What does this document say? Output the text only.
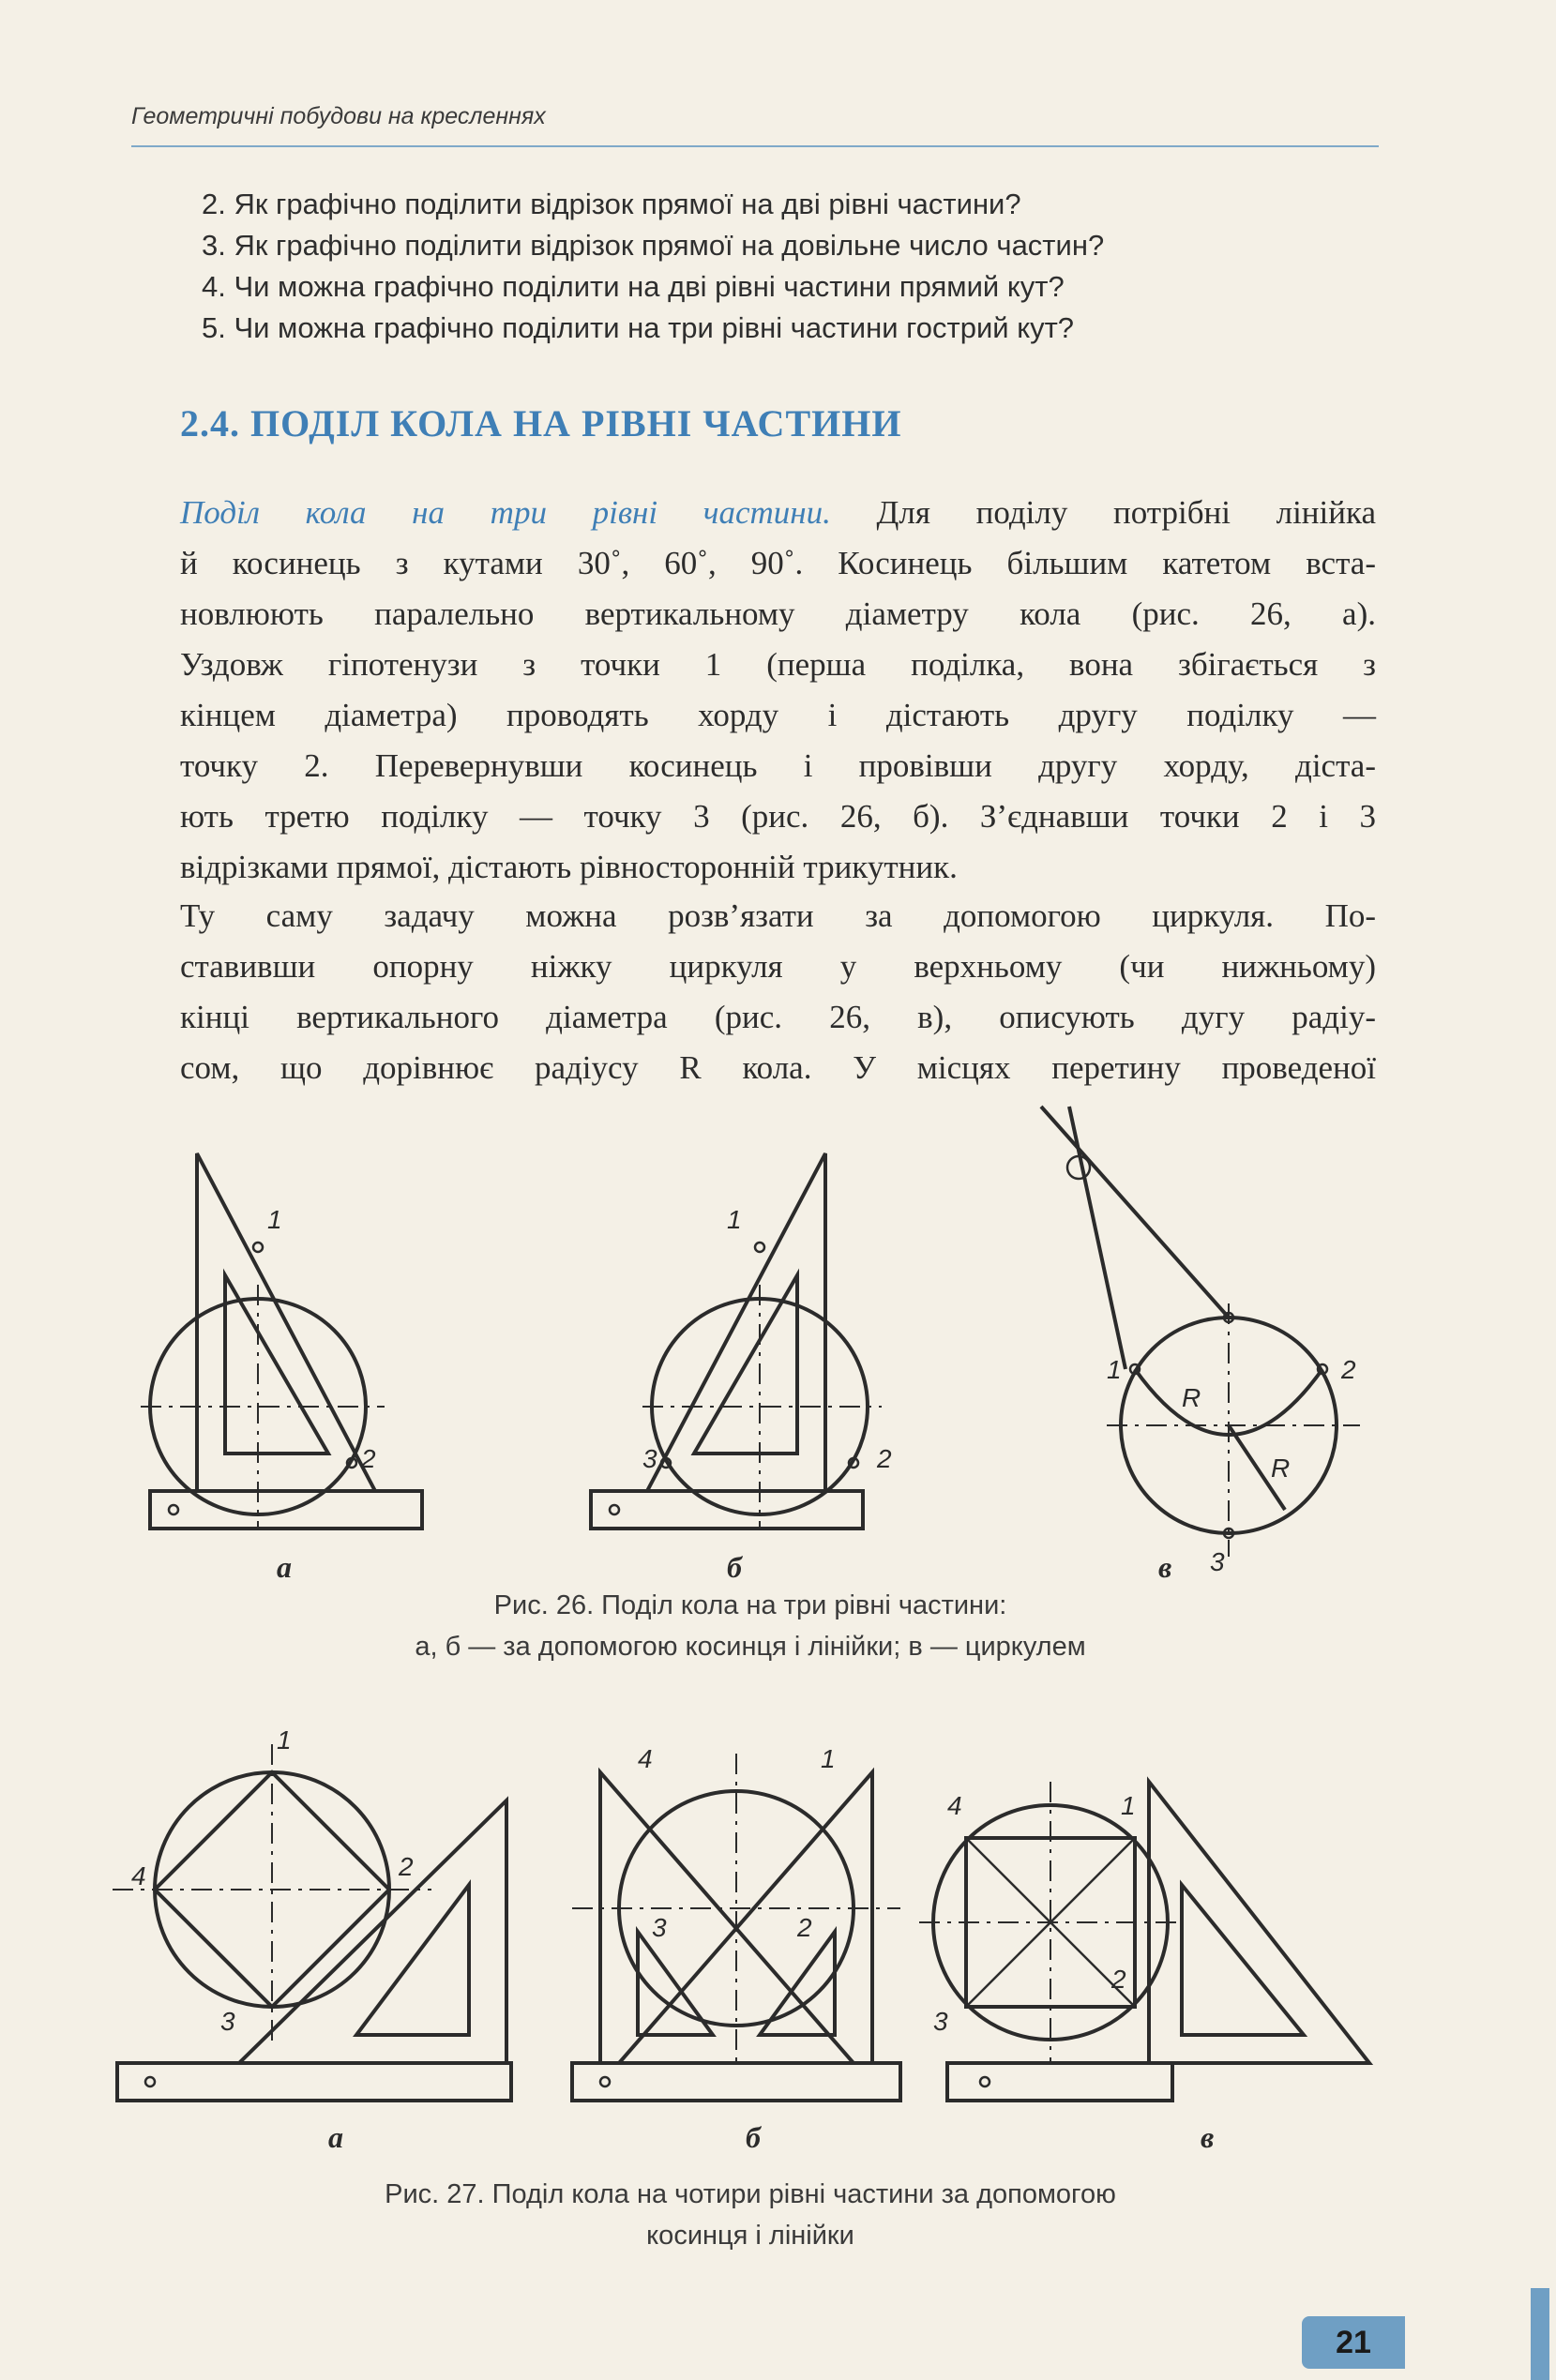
Геометричні побудови на кресленнях
2. Як графічно поділити відрізок прямої на дві рівні частини?
3. Як графічно поділити відрізок прямої на довільне число частин?
4. Чи можна графічно поділити на дві рівні частини прямий кут?
5. Чи можна графічно поділити на три рівні частини гострий кут?
2.4. ПОДІЛ КОЛА НА РІВНІ ЧАСТИНИ
Поділ кола на три рівні частини. Для поділу потрібні лінійка
й косинець з кутами 30˚, 60˚, 90˚. Косинець більшим катетом вста-
новлюють паралельно вертикальному діаметру кола (рис. 26, а).
Уздовж гіпотенузи з точки 1 (перша поділка, вона збігається з
кінцем діаметра) проводять хорду і дістають другу поділку —
точку 2. Перевернувши косинець і провівши другу хорду, діста-
ють третю поділку — точку 3 (рис. 26, б). З’єднавши точки 2 і 3
відрізками прямої, дістають рівносторонній трикутник.
Ту саму задачу можна розв’язати за допомогою циркуля. По-
ставивши опорну ніжку циркуля у верхньому (чи нижньому)
кінці вертикального діаметра (рис. 26, в), описують дугу радіу-
сом, що дорівнює радіусу R кола. У місцях перетину проведеної
1
2
а
1
3	2
б
1	2
3
R
R
в
Рис. 26. Поділ кола на три рівні частини:
а, б — за допомогою косинця і лінійки; в — циркулем
1
2
3
4
а
4	1
3	2
б
4	1
2
3
в
Рис. 27. Поділ кола на чотири рівні частини за допомогою
косинця і лінійки
21
